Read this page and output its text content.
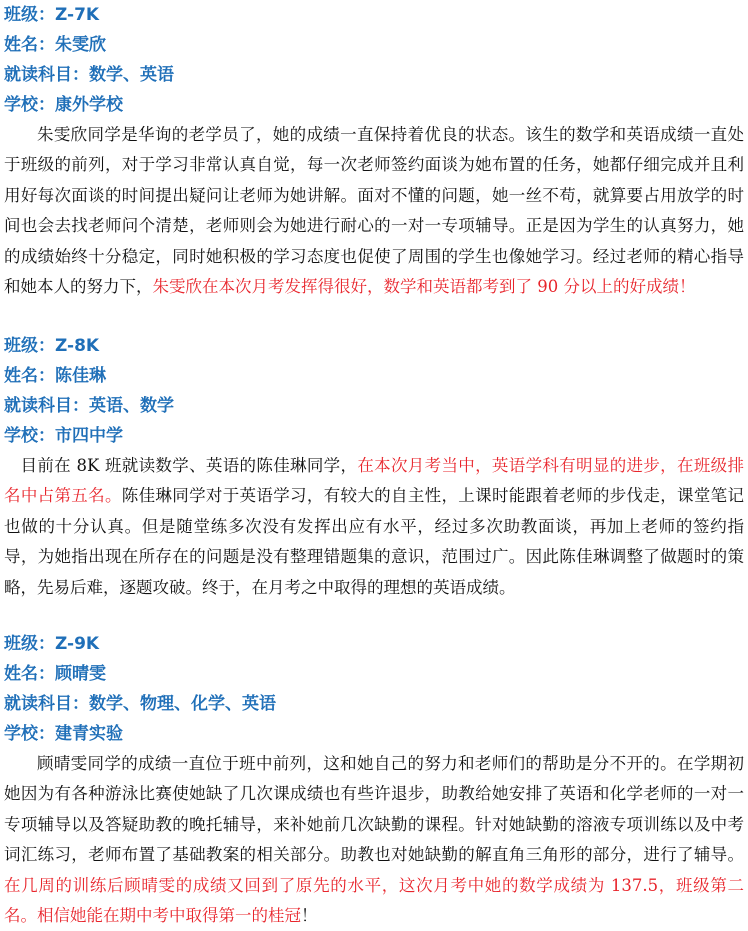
班级：Z-7K
姓名：朱雯欣
就读科目：数学、英语
学校：康外学校

朱雯欣同学是华询的老学员了，她的成绩一直保持着优良的状态。该生的数学和英语成绩一直处于班级的前列，对于学习非常认真自觉，每一次老师签约面谈为她布置的任务，她都仔细完成并且利用好每次面谈的时间提出疑问让老师为她讲解。面对不懂的问题，她一丝不苟，就算要占用放学的时间也会去找老师问个清楚，老师则会为她进行耐心的一对一专项辅导。正是因为学生的认真努力，她的成绩始终十分稳定，同时她积极的学习态度也促使了周围的学生也像她学习。经过老师的精心指导和她本人的努力下，朱雯欣在本次月考发挥得很好，数学和英语都考到了 90 分以上的好成绩！

班级：Z-8K
姓名：陈佳琳
就读科目：英语、数学
学校：市四中学

目前在 8K 班就读数学、英语的陈佳琳同学，在本次月考当中，英语学科有明显的进步，在班级排名中占第五名。陈佳琳同学对于英语学习，有较大的自主性，上课时能跟着老师的步伐走，课堂笔记也做的十分认真。但是随堂练多次没有发挥出应有水平，经过多次助教面谈，再加上老师的签约指导，为她指出现在所存在的问题是没有整理错题集的意识，范围过广。因此陈佳琳调整了做题时的策略，先易后难，逐题攻破。终于，在月考之中取得的理想的英语成绩。

班级：Z-9K
姓名：顾晴雯
就读科目：数学、物理、化学、英语
学校：建青实验

顾晴雯同学的成绩一直位于班中前列，这和她自己的努力和老师们的帮助是分不开的。在学期初她因为有各种游泳比赛使她缺了几次课成绩也有些许退步，助教给她安排了英语和化学老师的一对一专项辅导以及答疑助教的晚托辅导，来补她前几次缺勤的课程。针对她缺勤的溶液专项训练以及中考词汇练习，老师布置了基础教案的相关部分。助教也对她缺勤的解直角三角形的部分，进行了辅导。在几周的训练后顾晴雯的成绩又回到了原先的水平，这次月考中她的数学成绩为 137.5，班级第二名。相信她能在期中考中取得第一的桂冠！
